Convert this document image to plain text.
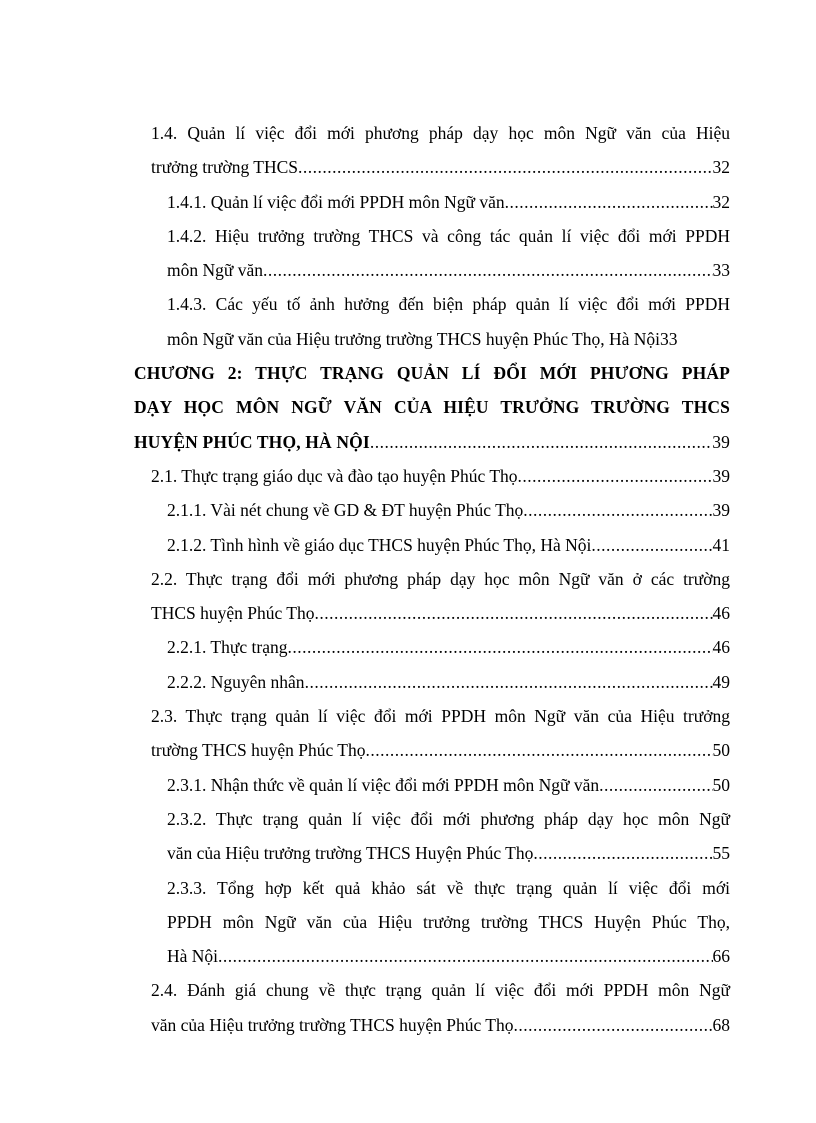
1.4. Quản lí việc đổi mới phương pháp dạy học môn Ngữ văn của Hiệu
trưởng trường THCS .....	32
1.4.1. Quản lí việc đổi mới PPDH môn Ngữ văn .....	32
1.4.2. Hiệu trưởng trường THCS và công tác quản lí việc đổi mới PPDH
môn Ngữ văn .....	33
1.4.3. Các yếu tố ảnh hưởng đến biện pháp quản lí việc đổi mới PPDH
môn Ngữ văn của Hiệu trưởng trường THCS huyện Phúc Thọ, Hà Nội 33
CHƯƠNG 2: THỰC TRẠNG QUẢN LÍ ĐỔI MỚI PHƯƠNG PHÁP
DẠY HỌC MÔN NGỮ VĂN CỦA HIỆU TRƯỞNG TRƯỜNG THCS
HUYỆN PHÚC THỌ, HÀ NỘI .....	39
2.1. Thực trạng giáo dục và đào tạo huyện Phúc Thọ .....	39
2.1.1. Vài nét chung về GD & ĐT huyện Phúc Thọ .....	39
2.1.2. Tình hình về giáo dục THCS huyện Phúc Thọ, Hà Nội .....	41
2.2. Thực trạng đổi mới phương pháp dạy học môn Ngữ văn ở các trường
THCS huyện Phúc Thọ .....	46
2.2.1. Thực trạng .....	46
2.2.2. Nguyên nhân .....	49
2.3. Thực trạng quản lí việc đổi mới PPDH môn Ngữ văn của Hiệu trưởng
trường THCS huyện Phúc Thọ .....	50
2.3.1. Nhận thức về quản lí việc đổi mới PPDH môn Ngữ văn .....	50
2.3.2. Thực trạng quản lí việc đổi mới phương pháp dạy học môn Ngữ
văn của Hiệu trưởng trường THCS Huyện Phúc Thọ .....	55
2.3.3. Tổng hợp kết quả khảo sát về thực trạng quản lí việc đổi mới
PPDH môn Ngữ văn của Hiệu trưởng trường THCS Huyện Phúc Thọ,
Hà Nội .....	66
2.4. Đánh giá chung về thực trạng quản lí việc đổi mới PPDH môn Ngữ
văn của Hiệu trưởng trường THCS huyện Phúc Thọ .....	68
